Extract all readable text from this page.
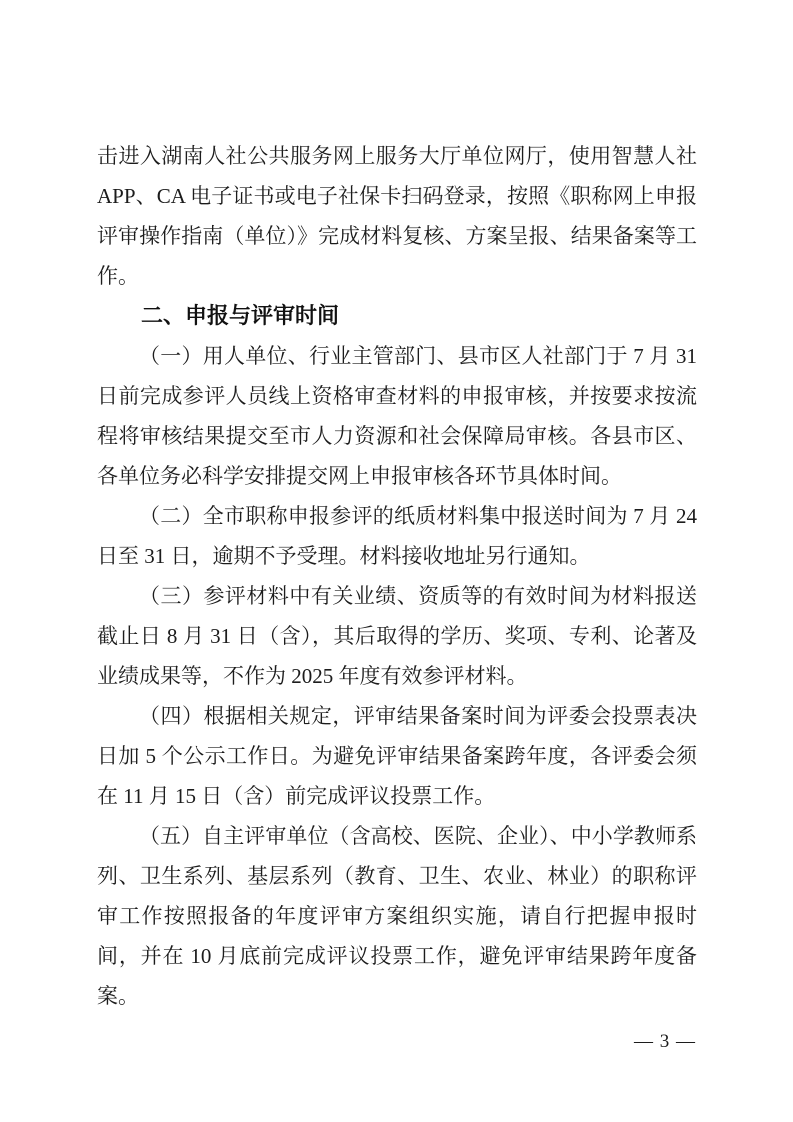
击进入湖南人社公共服务网上服务大厅单位网厅，使用智慧人社APP、CA 电子证书或电子社保卡扫码登录，按照《职称网上申报评审操作指南（单位）》完成材料复核、方案呈报、结果备案等工作。

二、申报与评审时间

（一）用人单位、行业主管部门、县市区人社部门于 7 月 31 日前完成参评人员线上资格审查材料的申报审核，并按要求按流程将审核结果提交至市人力资源和社会保障局审核。各县市区、各单位务必科学安排提交网上申报审核各环节具体时间。

（二）全市职称申报参评的纸质材料集中报送时间为 7 月 24 日至 31 日，逾期不予受理。材料接收地址另行通知。

（三）参评材料中有关业绩、资质等的有效时间为材料报送截止日 8 月 31 日（含），其后取得的学历、奖项、专利、论著及业绩成果等，不作为 2025 年度有效参评材料。

（四）根据相关规定，评审结果备案时间为评委会投票表决日加 5 个公示工作日。为避免评审结果备案跨年度，各评委会须在 11 月 15 日（含）前完成评议投票工作。

（五）自主评审单位（含高校、医院、企业）、中小学教师系列、卫生系列、基层系列（教育、卫生、农业、林业）的职称评审工作按照报备的年度评审方案组织实施，请自行把握申报时间，并在 10 月底前完成评议投票工作，避免评审结果跨年度备案。

— 3 —
